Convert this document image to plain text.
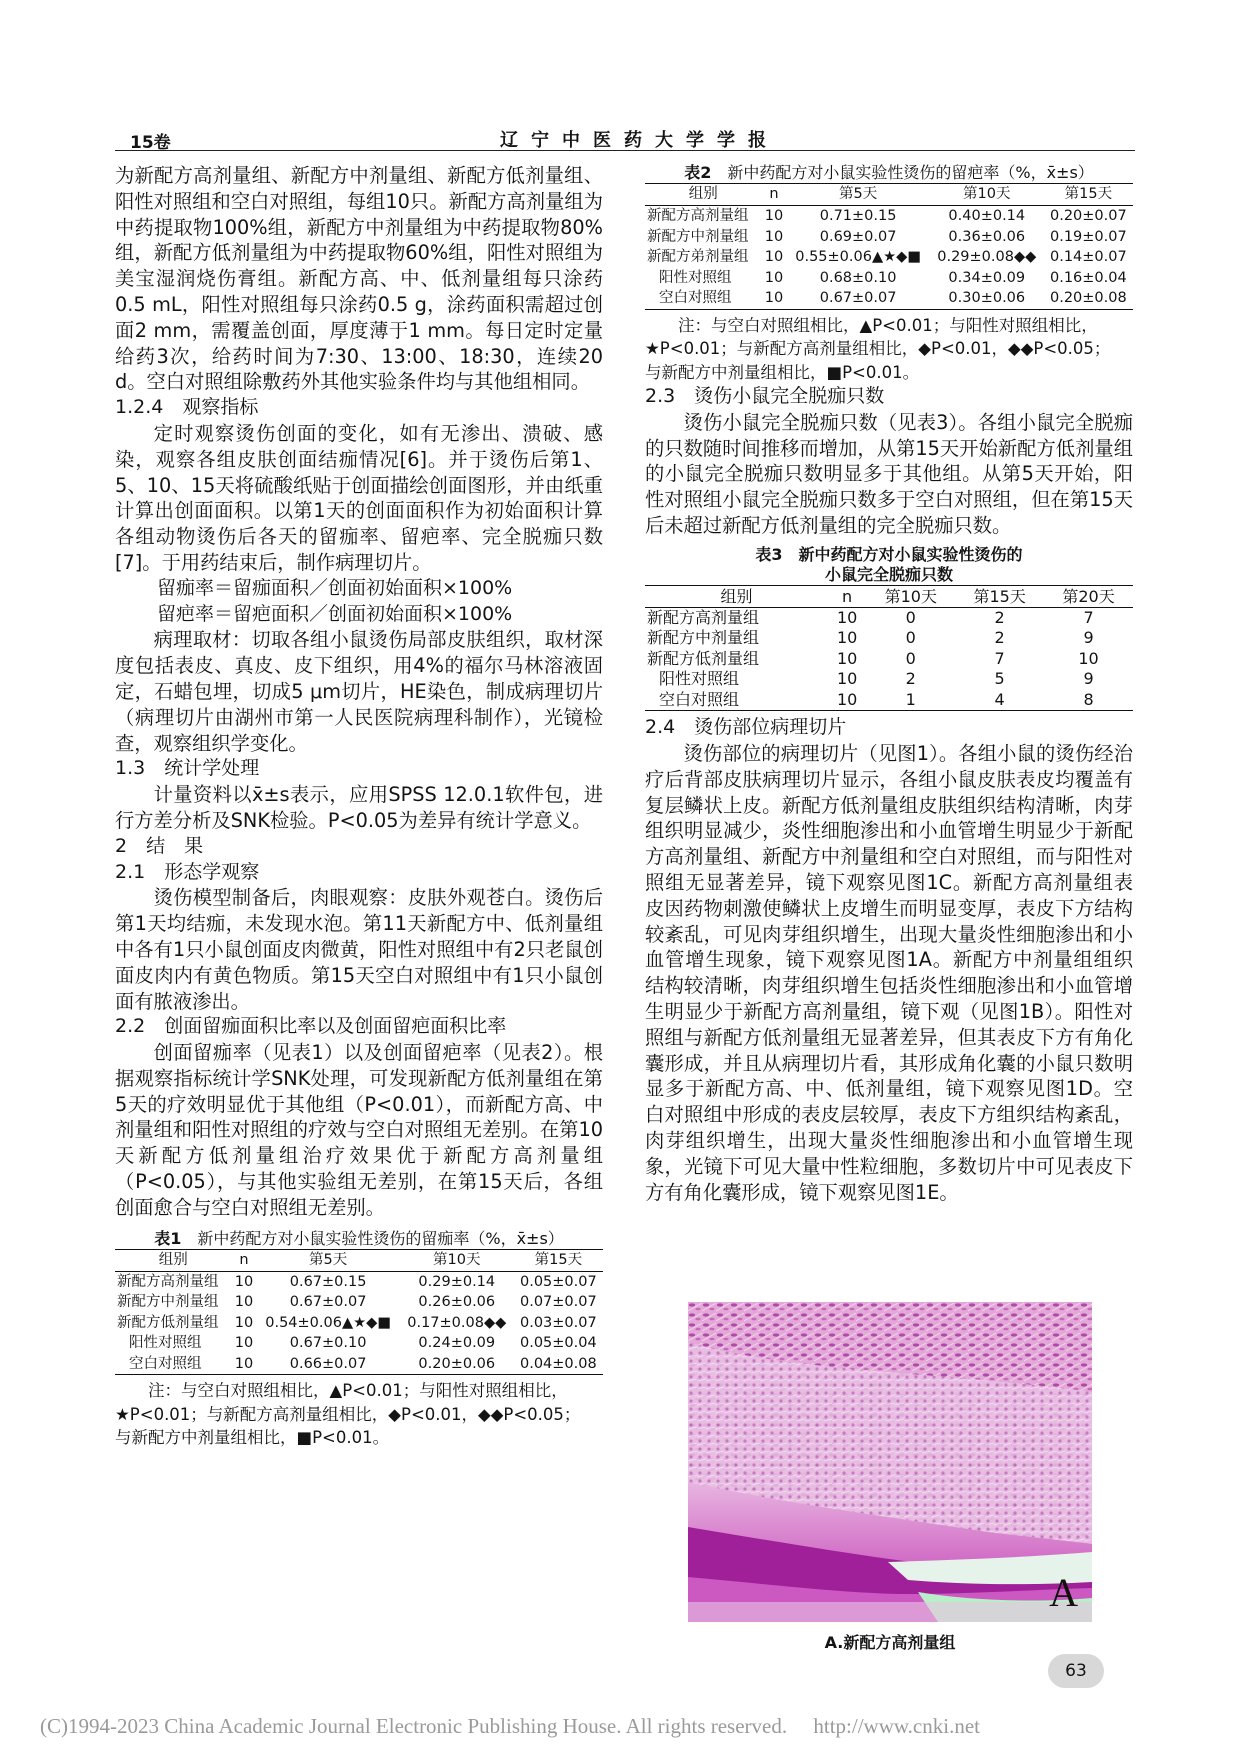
15卷	辽宁中医药大学学报

为新配方高剂量组、新配方中剂量组、新配方低剂量组、阳性对照组和空白对照组，每组10只。新配方高剂量组为中药提取物100%组，新配方中剂量组为中药提取物80%组，新配方低剂量组为中药提取物60%组，阳性对照组为美宝湿润烧伤膏组。新配方高、中、低剂量组每只涂药0.5 mL，阳性对照组每只涂药0.5 g，涂药面积需超过创面2 mm，需覆盖创面，厚度薄于1 mm。每日定时定量给药3次，给药时间为7:30、13:00、18:30，连续20 d。空白对照组除敷药外其他实验条件均与其他组相同。

1.2.4　观察指标

定时观察烫伤创面的变化，如有无渗出、溃破、感染，观察各组皮肤创面结痂情况[6]。并于烫伤后第1、5、10、15天将硫酸纸贴于创面描绘创面图形，并由纸重计算出创面面积。以第1天的创面面积作为初始面积计算各组动物烫伤后各天的留痂率、留疤率、完全脱痂只数[7]。于用药结束后，制作病理切片。

留痂率＝留痂面积／创面初始面积×100%

留疤率＝留疤面积／创面初始面积×100%

病理取材：切取各组小鼠烫伤局部皮肤组织，取材深度包括表皮、真皮、皮下组织，用4%的福尔马林溶液固定，石蜡包埋，切成5 μm切片，HE染色，制成病理切片（病理切片由湖州市第一人民医院病理科制作），光镜检查，观察组织学变化。

1.3　统计学处理

计量资料以x̄±s表示，应用SPSS 12.0.1软件包，进行方差分析及SNK检验。P<0.05为差异有统计学意义。

2　结　果

2.1　形态学观察

烫伤模型制备后，肉眼观察：皮肤外观苍白。烫伤后第1天均结痂，未发现水泡。第11天新配方中、低剂量组中各有1只小鼠创面皮肉微黄，阳性对照组中有2只老鼠创面皮肉内有黄色物质。第15天空白对照组中有1只小鼠创面有脓液渗出。

2.2　创面留痂面积比率以及创面留疤面积比率

创面留痂率（见表1）以及创面留疤率（见表2）。根据观察指标统计学SNK处理，可发现新配方低剂量组在第5天的疗效明显优于其他组（P<0.01），而新配方高、中剂量组和阳性对照组的疗效与空白对照组无差别。在第10天新配方低剂量组治疗效果优于新配方高剂量组（P<0.05），与其他实验组无差别，在第15天后，各组创面愈合与空白对照组无差别。

表1　 新中药配方对小鼠实验性烫伤的留痂率（%，x̄±s）

组别	n	第5天	第10天	第15天
新配方高剂量组	10	0.67±0.15	0.29±0.14	0.05±0.07
新配方中剂量组	10	0.67±0.07	0.26±0.06	0.07±0.07
新配方低剂量组	10	0.54±0.06▲★◆■	0.17±0.08◆◆	0.03±0.07
阳性对照组	10	0.67±0.10	0.24±0.09	0.05±0.04
空白对照组	10	0.66±0.07	0.20±0.06	0.04±0.08
注：与空白对照组相比，▲P<0.01；与阳性对照组相比，
★P<0.01；与新配方高剂量组相比，◆P<0.01，◆◆P<0.05；
与新配方中剂量组相比，■P<0.01。

表2　 新中药配方对小鼠实验性烫伤的留疤率（%，x̄±s）

组别	n	第5天	第10天	第15天
新配方高剂量组	10	0.71±0.15	0.40±0.14	0.20±0.07
新配方中剂量组	10	0.69±0.07	0.36±0.06	0.19±0.07
新配方弟剂量组	10	0.55±0.06▲★◆■	0.29±0.08◆◆	0.14±0.07
阳性对照组	10	0.68±0.10	0.34±0.09	0.16±0.04
空白对照组	10	0.67±0.07	0.30±0.06	0.20±0.08
注：与空白对照组相比，▲P<0.01；与阳性对照组相比，
★P<0.01；与新配方高剂量组相比，◆P<0.01，◆◆P<0.05；
与新配方中剂量组相比，■P<0.01。

2.3　烫伤小鼠完全脱痂只数

烫伤小鼠完全脱痂只数（见表3）。各组小鼠完全脱痂的只数随时间推移而增加，从第15天开始新配方低剂量组的小鼠完全脱痂只数明显多于其他组。从第5天开始，阳性对照组小鼠完全脱痂只数多于空白对照组，但在第15天后未超过新配方低剂量组的完全脱痂只数。

表3　新中药配方对小鼠实验性烫伤的
小鼠完全脱痂只数

组别	n	第10天	第15天	第20天
新配方高剂量组	10	0	2	7
新配方中剂量组	10	0	2	9
新配方低剂量组	10	0	7	10
阳性对照组	10	2	5	9
空白对照组	10	1	4	8

2.4　烫伤部位病理切片

烫伤部位的病理切片（见图1）。各组小鼠的烫伤经治疗后背部皮肤病理切片显示，各组小鼠皮肤表皮均覆盖有复层鳞状上皮。新配方低剂量组皮肤组织结构清晰，肉芽组织明显减少，炎性细胞渗出和小血管增生明显少于新配方高剂量组、新配方中剂量组和空白对照组，而与阳性对照组无显著差异，镜下观察见图1C。新配方高剂量组表皮因药物刺激使鳞状上皮增生而明显变厚，表皮下方结构较紊乱，可见肉芽组织增生，出现大量炎性细胞渗出和小血管增生现象，镜下观察见图1A。新配方中剂量组组织结构较清晰，肉芽组织增生包括炎性细胞渗出和小血管增生明显少于新配方高剂量组，镜下观（见图1B）。阳性对照组与新配方低剂量组无显著差异，但其表皮下方有角化囊形成，并且从病理切片看，其形成角化囊的小鼠只数明显多于新配方高、中、低剂量组，镜下观察见图1D。空白对照组中形成的表皮层较厚，表皮下方组织结构紊乱，肉芽组织增生，出现大量炎性细胞渗出和小血管增生现象，光镜下可见大量中性粒细胞，多数切片中可见表皮下方有角化囊形成，镜下观察见图1E。

A
A.新配方高剂量组
63
(C)1994-2023 China Academic Journal Electronic Publishing House. All rights reserved.　 http://www.cnki.net
